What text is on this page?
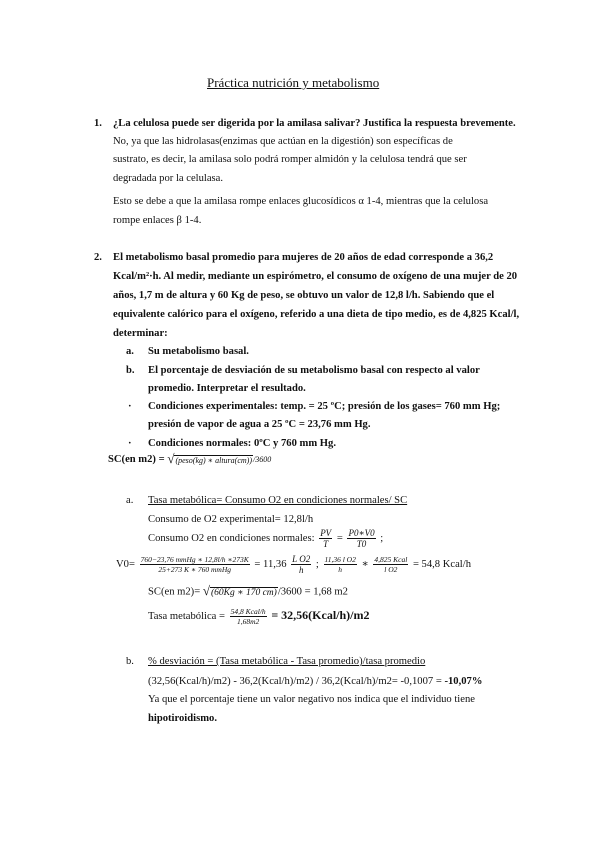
Práctica nutrición y metabolismo
1. ¿La celulosa puede ser digerida por la amilasa salivar? Justifica la respuesta brevemente.
No, ya que las hidrolasas(enzimas que actúan en la digestión) son específicas de
sustrato, es decir, la amilasa solo podrá romper almidón y la celulosa tendrá que ser
degradada por la celulasa.
Esto se debe a que la amilasa rompe enlaces glucosídicos α 1-4, mientras que la celulosa
rompe enlaces β 1-4.
2. El metabolismo basal promedio para mujeres de 20 años de edad corresponde a 36,2
Kcal/m²·h. Al medir, mediante un espirómetro, el consumo de oxígeno de una mujer de 20
años, 1,7 m de altura y 60 Kg de peso, se obtuvo un valor de 12,8 l/h. Sabiendo que el
equivalente calórico para el oxígeno, referido a una dieta de tipo medio, es de 4,825 Kcal/l,
determinar:
a. Su metabolismo basal.
b. El porcentaje de desviación de su metabolismo basal con respecto al valor
promedio. Interpretar el resultado.
· Condiciones experimentales: temp. = 25 ºC; presión de los gases= 760 mm Hg;
presión de vapor de agua a 25 ºC = 23,76 mm Hg.
· Condiciones normales: 0ºC y 760 mm Hg.
SC(en m2) = √(peso(kg) ∗ altura(cm))/3600
a. Tasa metabólica= Consumo O2 en condiciones normales/ SC
Consumo de O2 experimental= 12,8l/h
Consumo O2 en condiciones normales: $\frac{PV}{T} = \frac{P0∗V0}{T0}$ ;
$V0= \frac{\text{760−23,76 mmHg ∗ 12,8l/h ∗273K}}{\text{25+273 K ∗ 760 mmHg}} = 11,36 \frac{\text{L O2}}{h}$ ; $\frac{\text{11,36 l O2}}{h}$ ∗ $\frac{\text{4,825 Kcal}}{\text{l O2}} = 54,8$ Kcal/h
SC(en m2)= √(60Kg ∗ 170 cm)/3600 = 1,68 m2
Tasa metabólica = $\frac{\text{54,8 Kcal/h}}{1,68m2}$ = 32,56(Kcal/h)/m2
b. % desviación = (Tasa metabólica - Tasa promedio)/tasa promedio
(32,56(Kcal/h)/m2) - 36,2(Kcal/h)/m2) / 36,2(Kcal/h)/m2= -0,1007 = -10,07%
Ya que el porcentaje tiene un valor negativo nos indica que el individuo tiene
hipotiroidismo.
